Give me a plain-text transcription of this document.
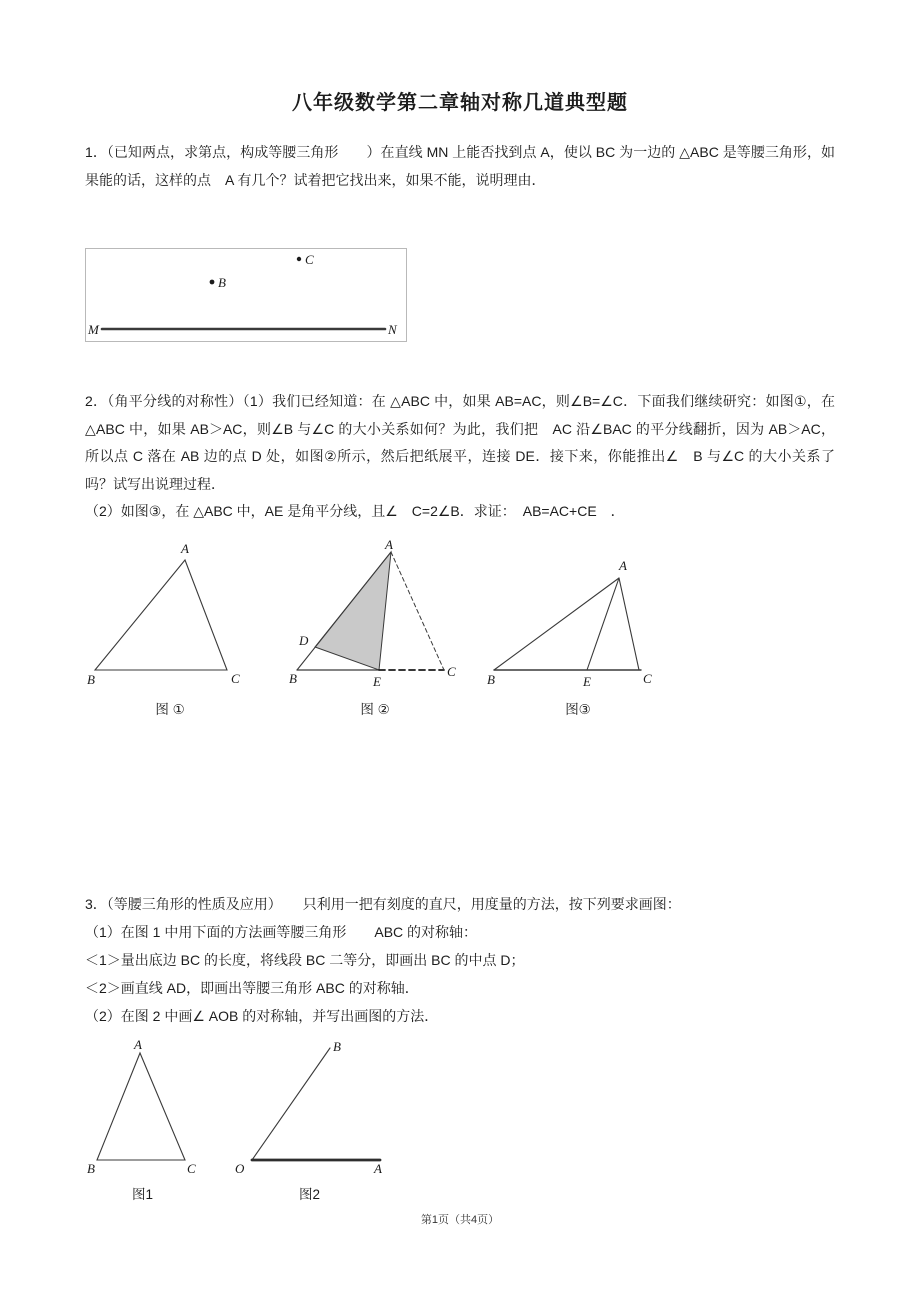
八年级数学第二章轴对称几道典型题

1．（已知两点，求第点，构成等腰三角形　　）在直线 MN 上能否找到点 A，使以 BC 为一边的 △ABC 是等腰三角形，如果能的话，这样的点　A 有几个？试着把它找出来，如果不能，说明理由．

C
B
M	N

2．（角平分线的对称性）（1）我们已经知道：在 △ABC 中，如果 AB=AC，则∠B=∠C．下面我们继续研究：如图①，在 △ABC 中，如果 AB＞AC，则∠B 与∠C 的大小关系如何？为此，我们把　AC 沿∠BAC 的平分线翻折，因为 AB＞AC，所以点 C 落在 AB 边的点 D 处，如图②所示，然后把纸展平，连接 DE．接下来，你能推出∠　B 与∠C 的大小关系了吗？试写出说理过程．

（2）如图③，在 △ABC 中，AE 是角平分线，且∠　C=2∠B．求证：　AB=AC+CE　．

A
B	C
图 ①
A
B	C
D
E
图 ②
A
B	E	C
图③

3．（等腰三角形的性质及应用）　　只利用一把有刻度的直尺，用度量的方法，按下列要求画图：

（1）在图 1 中用下面的方法画等腰三角形　　ABC 的对称轴：

＜1＞量出底边 BC 的长度，将线段 BC 二等分，即画出 BC 的中点 D；

＜2＞画直线 AD，即画出等腰三角形 ABC 的对称轴．

（2）在图 2 中画∠ AOB 的对称轴，并写出画图的方法．

A
B	C
图1
B
O	A
图2

第1页（共4页）
